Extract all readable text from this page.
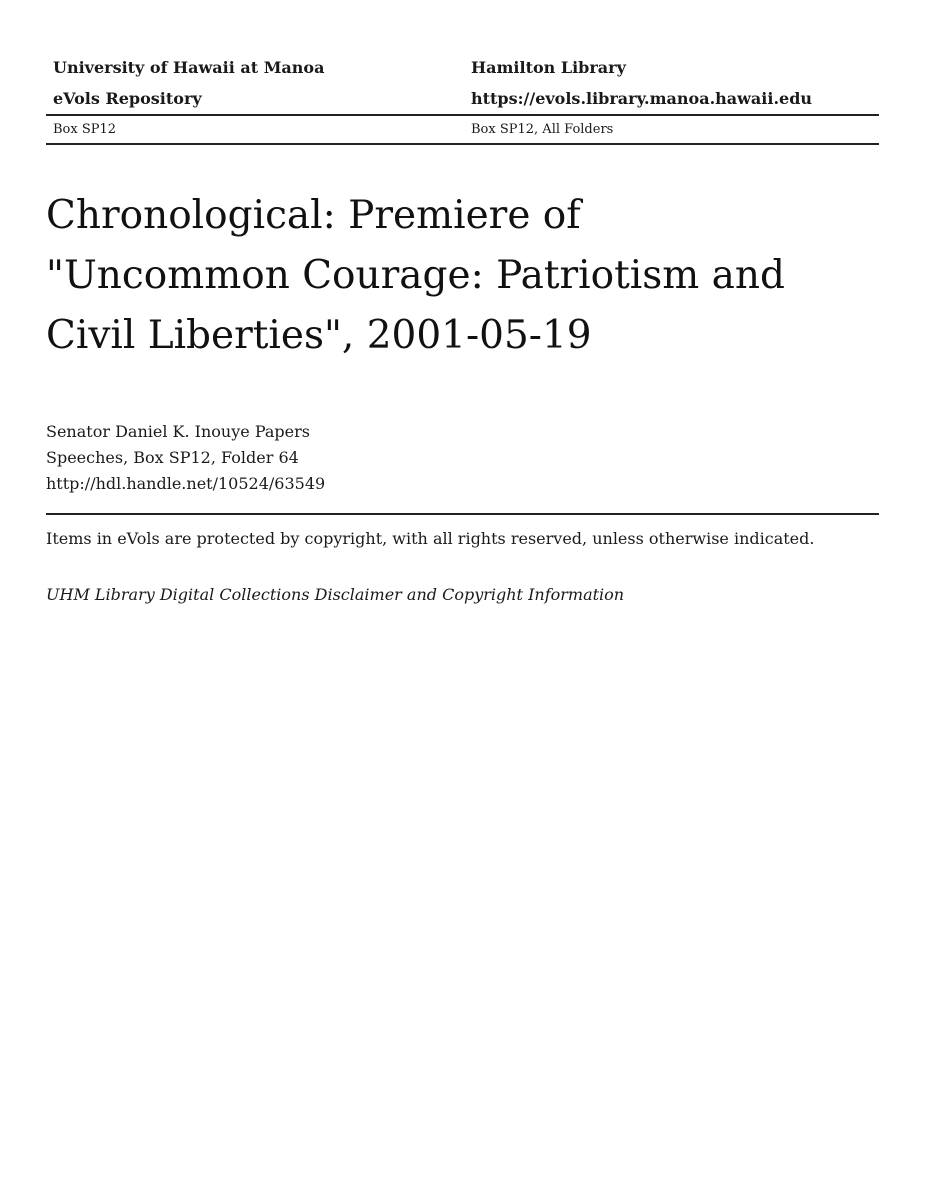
University of Hawaii at Manoa	Hamilton Library
eVols Repository	https://evols.library.manoa.hawaii.edu
Box SP12	Box SP12, All Folders
Chronological: Premiere of
"Uncommon Courage: Patriotism and
Civil Liberties", 2001-05-19
Senator Daniel K. Inouye Papers
Speeches, Box SP12, Folder 64
http://hdl.handle.net/10524/63549
Items in eVols are protected by copyright, with all rights reserved, unless otherwise indicated.
UHM Library Digital Collections Disclaimer and Copyright Information
